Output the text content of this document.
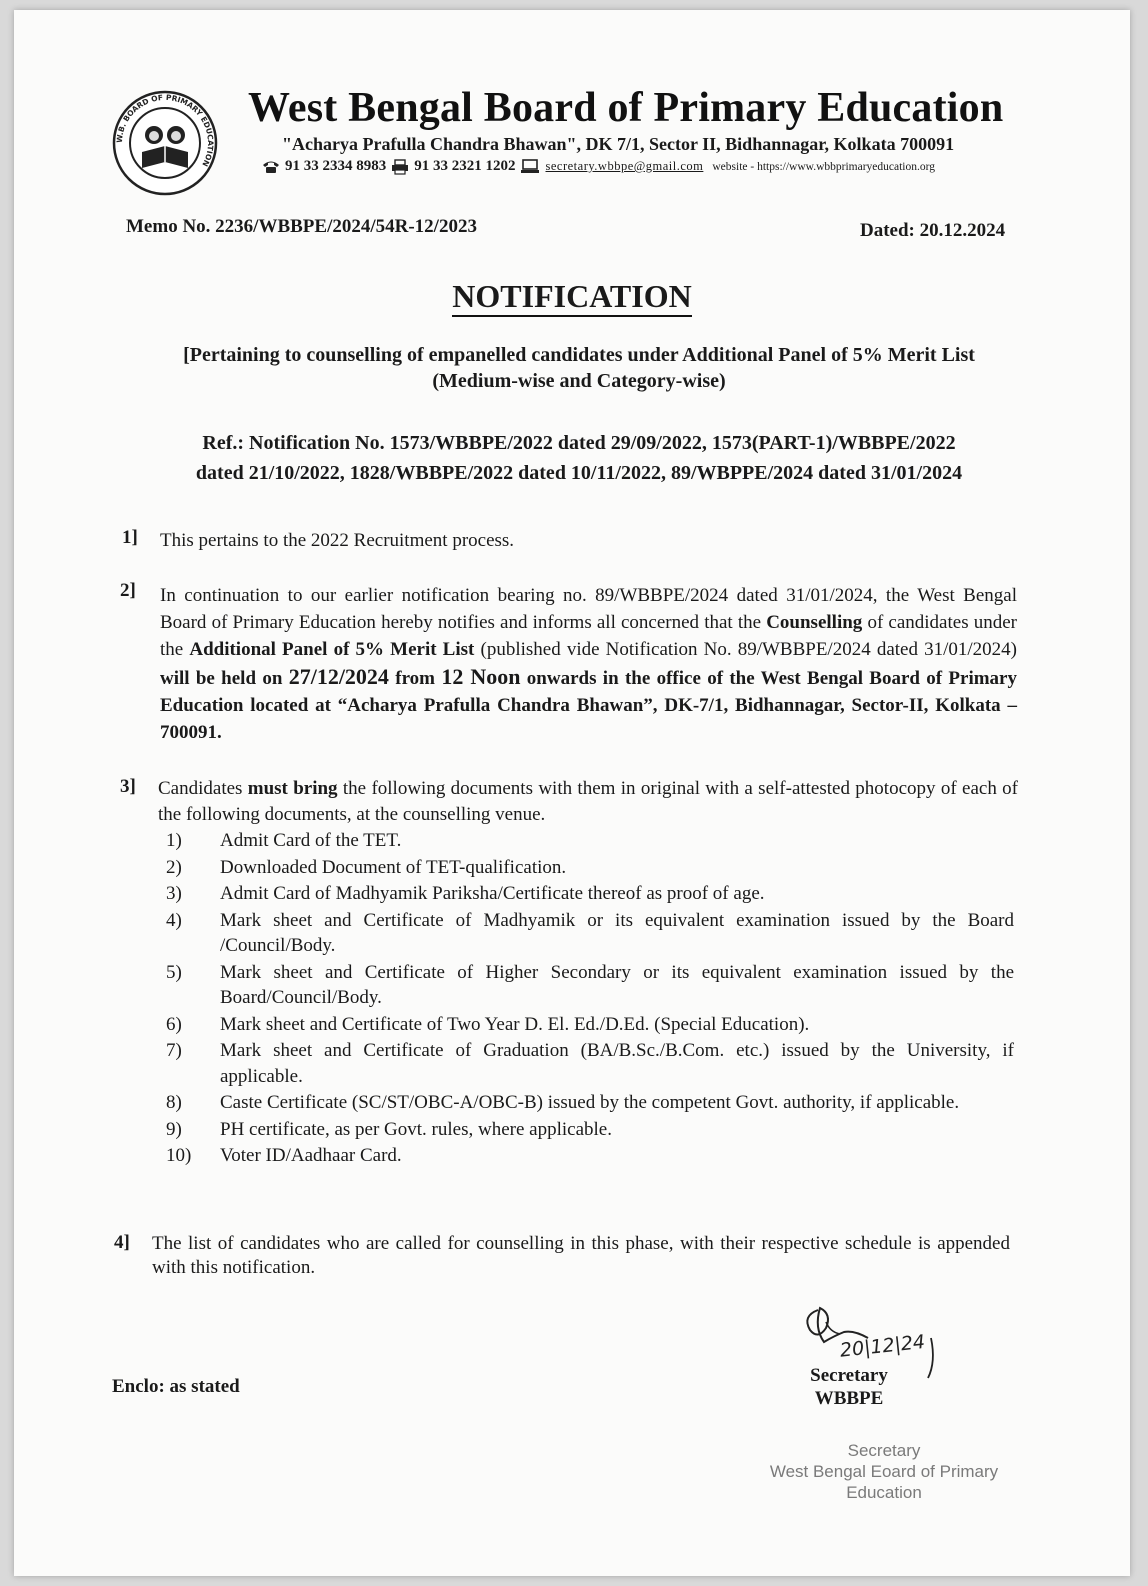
W.B. BOARD OF PRIMARY EDUCATION
West Bengal Board of Primary Education
"Acharya Prafulla Chandra Bhawan", DK 7/1, Sector II, Bidhannagar, Kolkata 700091
91 33 2334 8983 91 33 2321 1202 secretary.wbbpe@gmail.com website - https://www.wbbprimaryeducation.org
Memo No. 2236/WBBPE/2024/54R-12/2023	Dated: 20.12.2024
NOTIFICATION
[Pertaining to counselling of empanelled candidates under Additional Panel of 5% Merit List
(Medium-wise and Category-wise)
Ref.: Notification No. 1573/WBBPE/2022 dated 29/09/2022, 1573(PART-1)/WBBPE/2022
dated 21/10/2022, 1828/WBBPE/2022 dated 10/11/2022, 89/WBPPE/2024 dated 31/01/2024
1] This pertains to the 2022 Recruitment process.
2] In continuation to our earlier notification bearing no. 89/WBBPE/2024 dated 31/01/2024, the West Bengal Board of Primary Education hereby notifies and informs all concerned that the Counselling of candidates under the Additional Panel of 5% Merit List (published vide Notification No. 89/WBBPE/2024 dated 31/01/2024) will be held on 27/12/2024 from 12 Noon onwards in the office of the West Bengal Board of Primary Education located at “Acharya Prafulla Chandra Bhawan”, DK-7/1, Bidhannagar, Sector-II, Kolkata – 700091.
3] Candidates must bring the following documents with them in original with a self-attested photocopy of each of the following documents, at the counselling venue.
1) Admit Card of the TET.
2) Downloaded Document of TET-qualification.
3) Admit Card of Madhyamik Pariksha/Certificate thereof as proof of age.
4) Mark sheet and Certificate of Madhyamik or its equivalent examination issued by the Board /Council/Body.
5) Mark sheet and Certificate of Higher Secondary or its equivalent examination issued by the Board/Council/Body.
6) Mark sheet and Certificate of Two Year D. El. Ed./D.Ed. (Special Education).
7) Mark sheet and Certificate of Graduation (BA/B.Sc./B.Com. etc.) issued by the University, if applicable.
8) Caste Certificate (SC/ST/OBC-A/OBC-B) issued by the competent Govt. authority, if applicable.
9) PH certificate, as per Govt. rules, where applicable.
10) Voter ID/Aadhaar Card.
4] The list of candidates who are called for counselling in this phase, with their respective schedule is appended with this notification.
20|12|24
Secretary
WBBPE
Enclo: as stated
Secretary
West Bengal Eoard of Primary
Education
